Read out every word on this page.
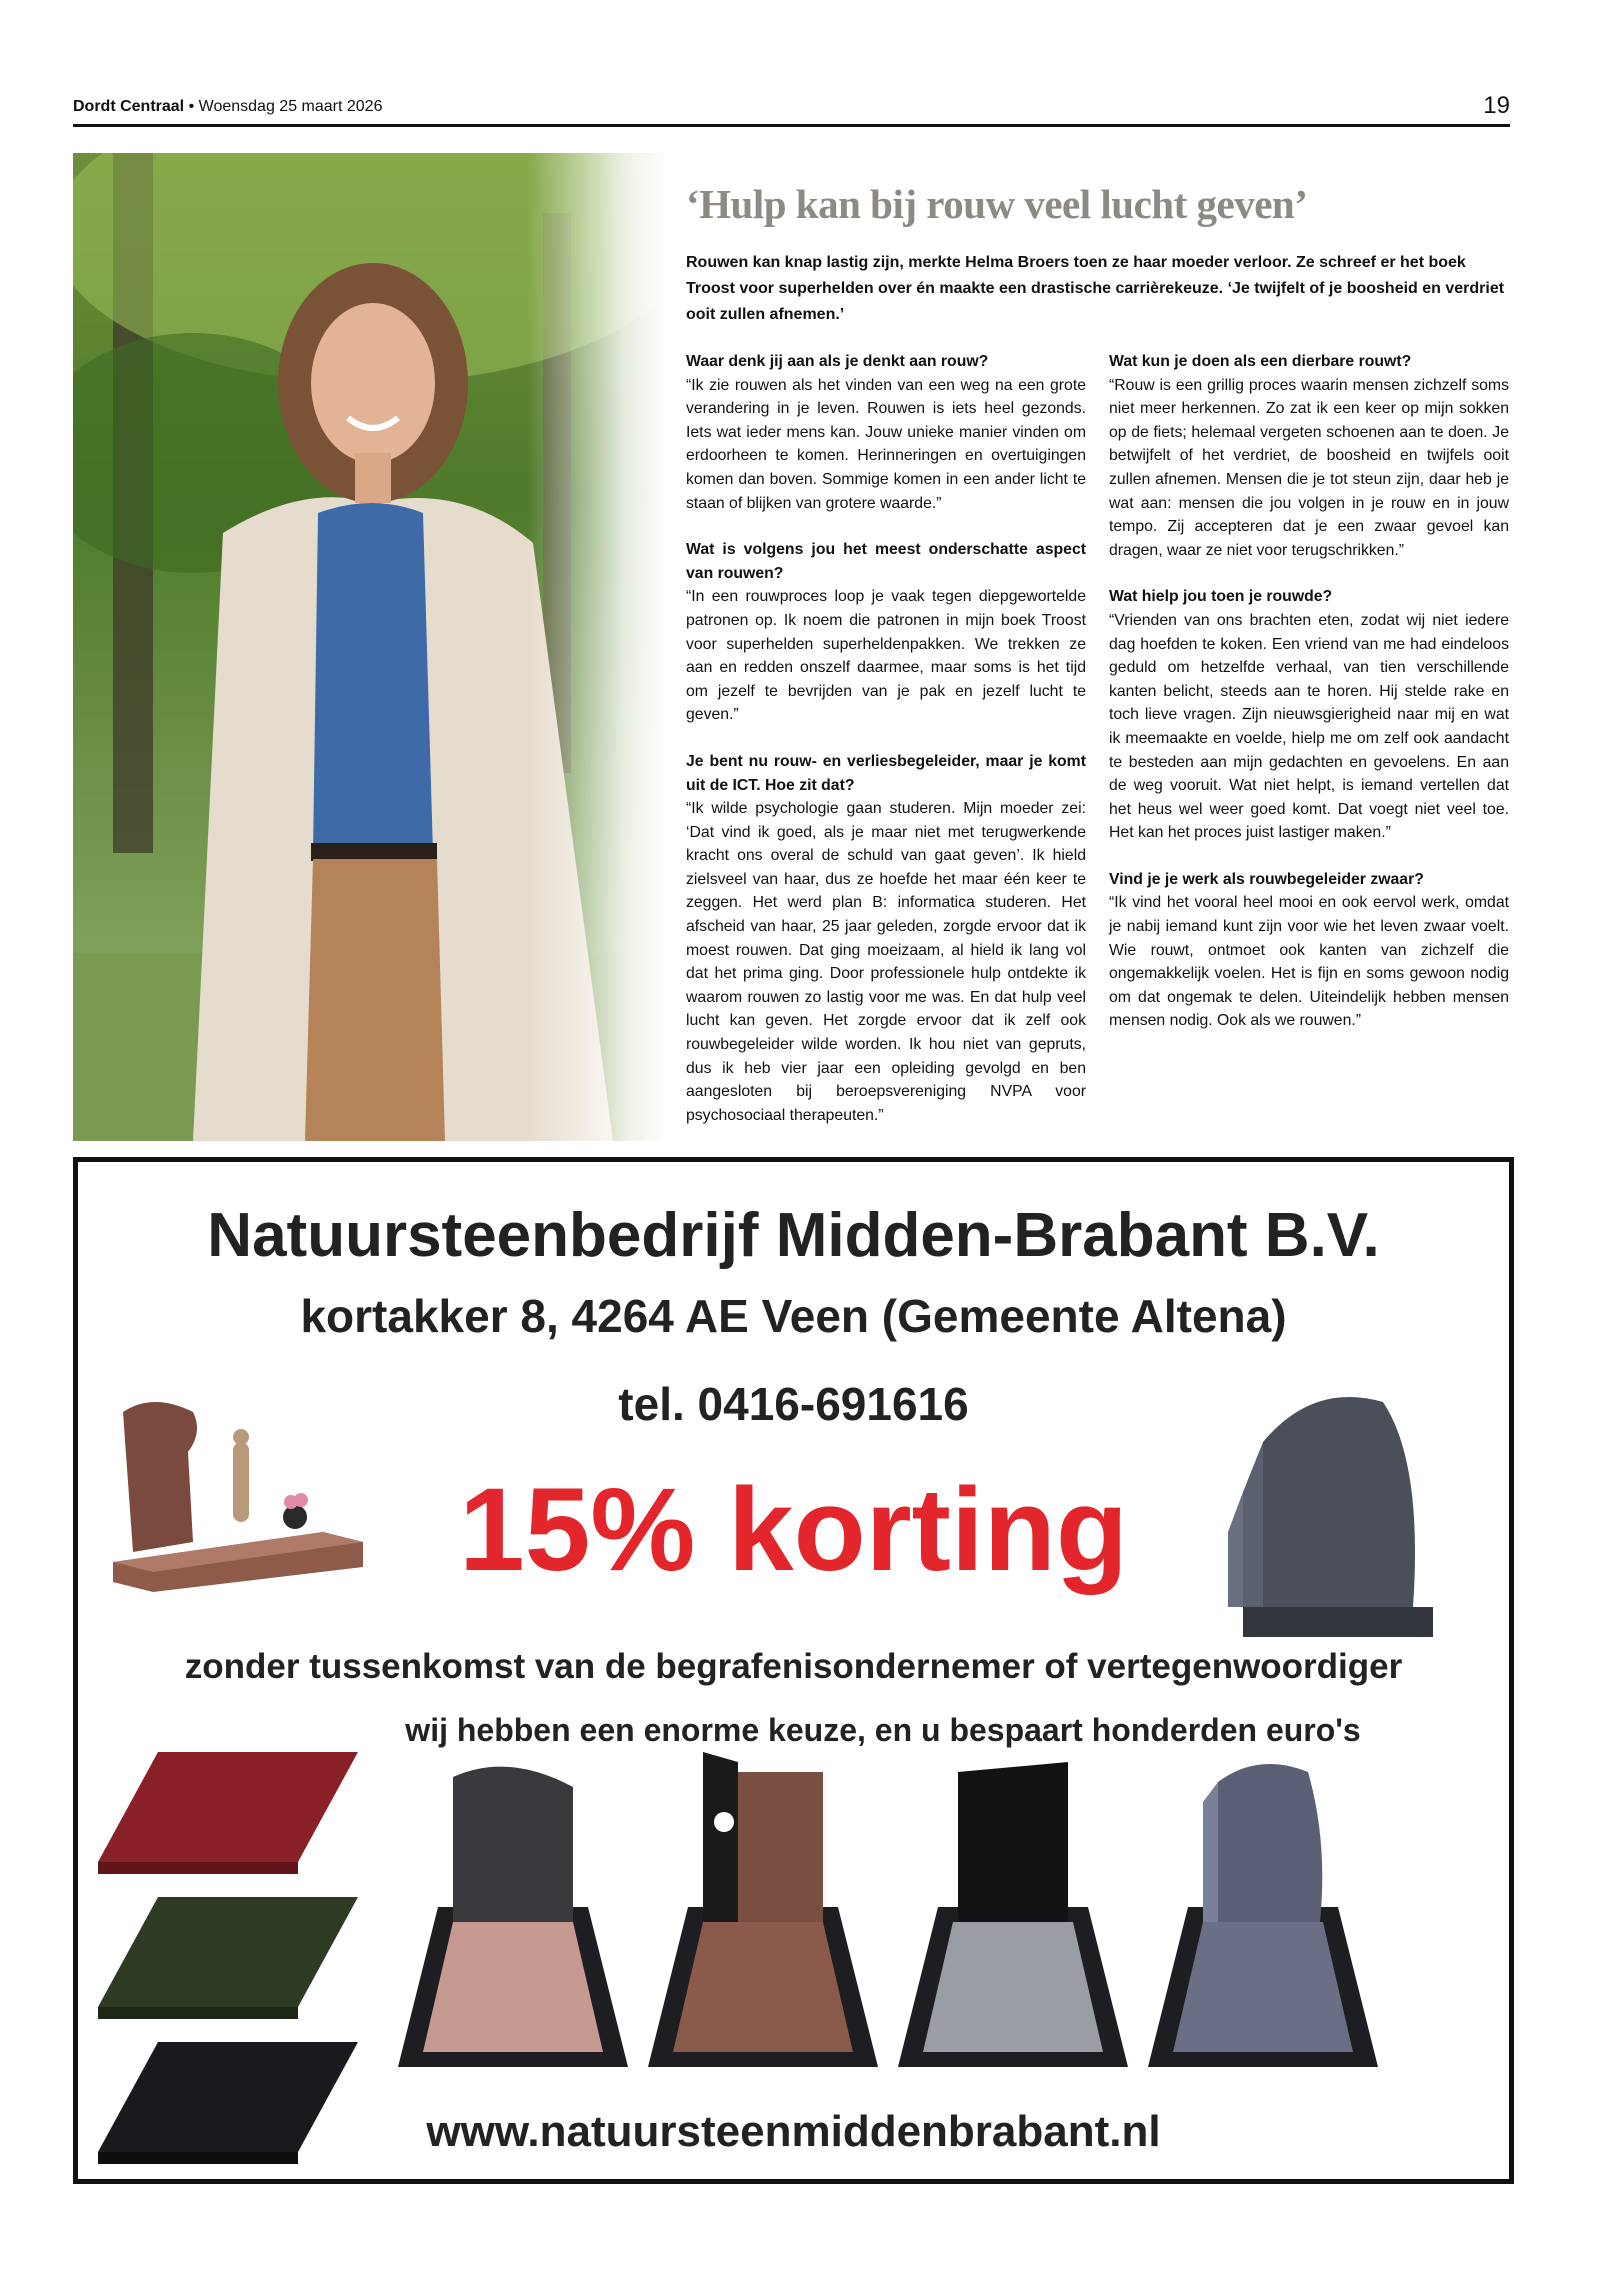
Dordt Centraal • Woensdag 25 maart 2026	19
‘Hulp kan bij rouw veel lucht geven’

Rouwen kan knap lastig zijn, merkte Helma Broers toen ze haar moeder verloor. Ze schreef er het boek Troost voor superhelden over én maakte een drastische carrièrekeuze. ‘Je twijfelt of je boosheid en verdriet ooit zullen afnemen.’

Waar denk jij aan als je denkt aan rouw?

“Ik zie rouwen als het vinden van een weg na een grote verandering in je leven. Rouwen is iets heel gezonds. Iets wat ieder mens kan. Jouw unieke manier vinden om erdoorheen te komen. Herinneringen en overtuigingen komen dan boven. Sommige komen in een ander licht te staan of blijken van grotere waarde.”

Wat is volgens jou het meest onderschatte aspect van rouwen?

“In een rouwproces loop je vaak tegen diepgewortelde patronen op. Ik noem die patronen in mijn boek Troost voor superhelden superheldenpakken. We trekken ze aan en redden onszelf daarmee, maar soms is het tijd om jezelf te bevrijden van je pak en jezelf lucht te geven.”

Je bent nu rouw- en verliesbegeleider, maar je komt uit de ICT. Hoe zit dat?

“Ik wilde psychologie gaan studeren. Mijn moeder zei: ‘Dat vind ik goed, als je maar niet met terugwerkende kracht ons overal de schuld van gaat geven’. Ik hield zielsveel van haar, dus ze hoefde het maar één keer te zeggen. Het werd plan B: informatica studeren. Het afscheid van haar, 25 jaar geleden, zorgde ervoor dat ik moest rouwen. Dat ging moeizaam, al hield ik lang vol dat het prima ging. Door professionele hulp ontdekte ik waarom rouwen zo lastig voor me was. En dat hulp veel lucht kan geven. Het zorgde ervoor dat ik zelf ook rouwbegeleider wilde worden. Ik hou niet van gepruts, dus ik heb vier jaar een opleiding gevolgd en ben aangesloten bij beroepsvereniging NVPA voor psychosociaal therapeuten.”

Wat kun je doen als een dierbare rouwt?

“Rouw is een grillig proces waarin mensen zichzelf soms niet meer herkennen. Zo zat ik een keer op mijn sokken op de fiets; helemaal vergeten schoenen aan te doen. Je betwijfelt of het verdriet, de boosheid en twijfels ooit zullen afnemen. Mensen die je tot steun zijn, daar heb je wat aan: mensen die jou volgen in je rouw en in jouw tempo. Zij accepteren dat je een zwaar gevoel kan dragen, waar ze niet voor terugschrikken.”

Wat hielp jou toen je rouwde?

“Vrienden van ons brachten eten, zodat wij niet iedere dag hoefden te koken. Een vriend van me had eindeloos geduld om hetzelfde verhaal, van tien verschillende kanten belicht, steeds aan te horen. Hij stelde rake en toch lieve vragen. Zijn nieuwsgierigheid naar mij en wat ik meemaakte en voelde, hielp me om zelf ook aandacht te besteden aan mijn gedachten en gevoelens. En aan de weg vooruit. Wat niet helpt, is iemand vertellen dat het heus wel weer goed komt. Dat voegt niet veel toe. Het kan het proces juist lastiger maken.”

Vind je je werk als rouwbegeleider zwaar?

“Ik vind het vooral heel mooi en ook eervol werk, omdat je nabij iemand kunt zijn voor wie het leven zwaar voelt. Wie rouwt, ontmoet ook kanten van zichzelf die ongemakkelijk voelen. Het is fijn en soms gewoon nodig om dat ongemak te delen. Uiteindelijk hebben mensen mensen nodig. Ook als we rouwen.”

Natuursteenbedrijf Midden-Brabant B.V.
kortakker 8, 4264 AE Veen (Gemeente Altena)
tel. 0416-691616
15% korting
zonder tussenkomst van de begrafenisondernemer of vertegenwoordiger
wij hebben een enorme keuze, en u bespaart honderden euro's
www.natuursteenmiddenbrabant.nl
